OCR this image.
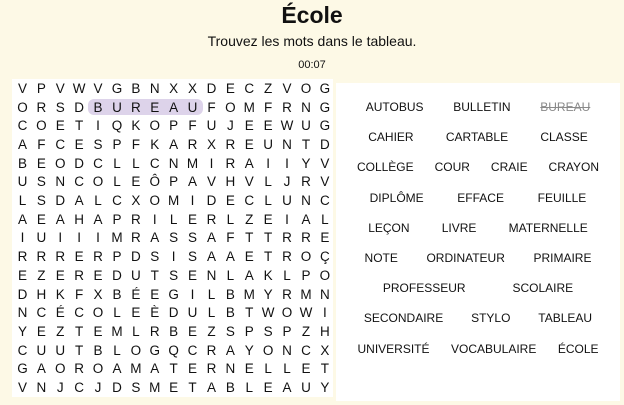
École
Trouvez les mots dans le tableau.
00:07
V P V W V G B N X X D E C Z V O G
O R S D B U R E A U F O M F R N G
C O E T I Q K O P F U J E E W U G
A F C E S P F K A R X R E U N T D
B E O D C L L C N M I R A I	I Y V
U S N C O L E Ô P A V H V L J R V
L S D A L C X O M I D E C L U N C
A E A H A P R I L E R L Z E I A L
I U I	I	I M R A S S A F T T R R E
R R R E R P D S I S A A E T R O Ç
E Z E R E D U T S E N L A K L P O
D H K F X B É E G I L B M Y R M N
N C É C O L E È D U L B T W O W I
Y E Z T E M L R B E Z S P S P Z H
C U U T B L O G Q C R A Y O N C X
G A O R O A M A T E R N E L L E T
V N J C J D S M E T A B L E A U Y
AUTOBUS BULLETIN BUREAU
CAHIER	CARTABLE	CLASSE
COLLÈGE COUR CRAIE CRAYON
DIPLÔME	EFFACE	FEUILLE
LEÇON	LIVRE	MATERNELLE
NOTE ORDINATEUR PRIMAIRE
PROFESSEUR	SCOLAIRE
SECONDAIRE STYLO TABLEAU
UNIVERSITÉ VOCABULAIRE ÉCOLE
